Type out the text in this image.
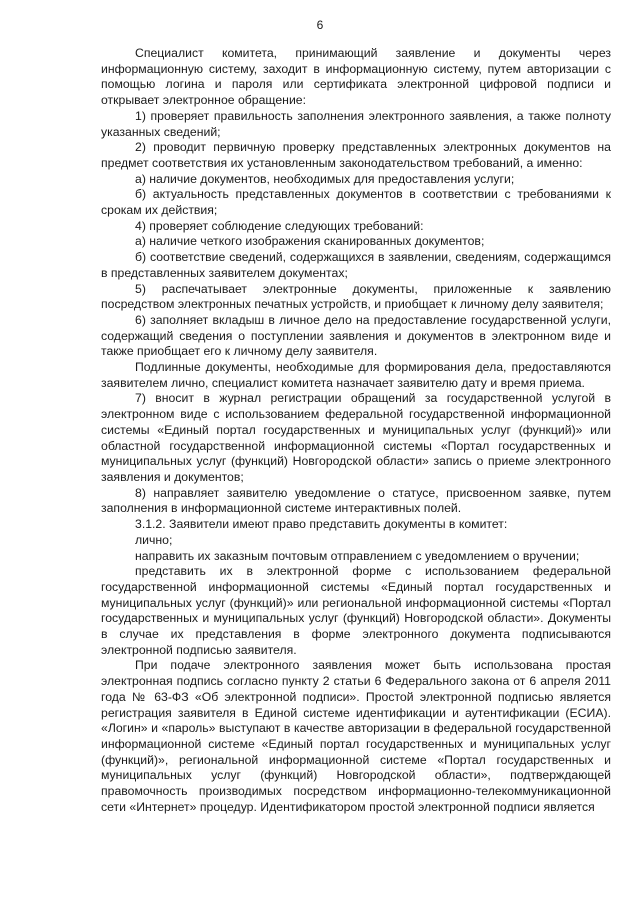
6

Специалист комитета, принимающий заявление и документы через информационную систему, заходит в информационную систему, путем авторизации с помощью логина и пароля или сертификата электронной цифровой подписи и открывает электронное обращение:

1) проверяет правильность заполнения электронного заявления, а также полноту указанных сведений;

2) проводит первичную проверку представленных электронных документов на предмет соответствия их установленным законодательством требований, а именно:

а) наличие документов, необходимых для предоставления услуги;

б) актуальность представленных документов в соответствии с требованиями к срокам их действия;

4) проверяет соблюдение следующих требований:

а) наличие четкого изображения сканированных документов;

б) соответствие сведений, содержащихся в заявлении, сведениям, содержащимся в представленных заявителем документах;

5) распечатывает электронные документы, приложенные к заявлению посредством электронных печатных устройств, и приобщает к личному делу заявителя;

6) заполняет вкладыш в личное дело на предоставление государственной услуги, содержащий сведения о поступлении заявления и документов в электронном виде и также приобщает его к личному делу заявителя.

Подлинные документы, необходимые для формирования дела, предоставляются заявителем лично, специалист комитета назначает заявителю дату и время приема.

7) вносит в журнал регистрации обращений за государственной услугой в электронном виде с использованием федеральной государственной информационной системы «Единый портал государственных и муниципальных услуг (функций)» или областной государственной информационной системы «Портал государственных и муниципальных услуг (функций) Новгородской области» запись о приеме электронного заявления и документов;

8) направляет заявителю уведомление о статусе, присвоенном заявке, путем заполнения в информационной системе интерактивных полей.

3.1.2. Заявители имеют право представить документы в комитет:

лично;

направить их заказным почтовым отправлением с уведомлением о вручении;

представить их в электронной форме с использованием федеральной государственной информационной системы «Единый портал государственных и муниципальных услуг (функций)» или региональной информационной системы «Портал государственных и муниципальных услуг (функций) Новгородской области». Документы в случае их представления в форме электронного документа подписываются электронной подписью заявителя.

При подаче электронного заявления может быть использована простая электронная подпись согласно пункту 2 статьи 6 Федерального закона от 6 апреля 2011 года № 63-ФЗ «Об электронной подписи». Простой электронной подписью является регистрация заявителя в Единой системе идентификации и аутентификации (ЕСИА). «Логин» и «пароль» выступают в качестве авторизации в федеральной государственной информационной системе «Единый портал государственных и муниципальных услуг (функций)», региональной информационной системе «Портал государственных и муниципальных услуг (функций) Новгородской области», подтверждающей правомочность производимых посредством информационно-телекоммуникационной сети «Интернет» процедур. Идентификатором простой электронной подписи является
